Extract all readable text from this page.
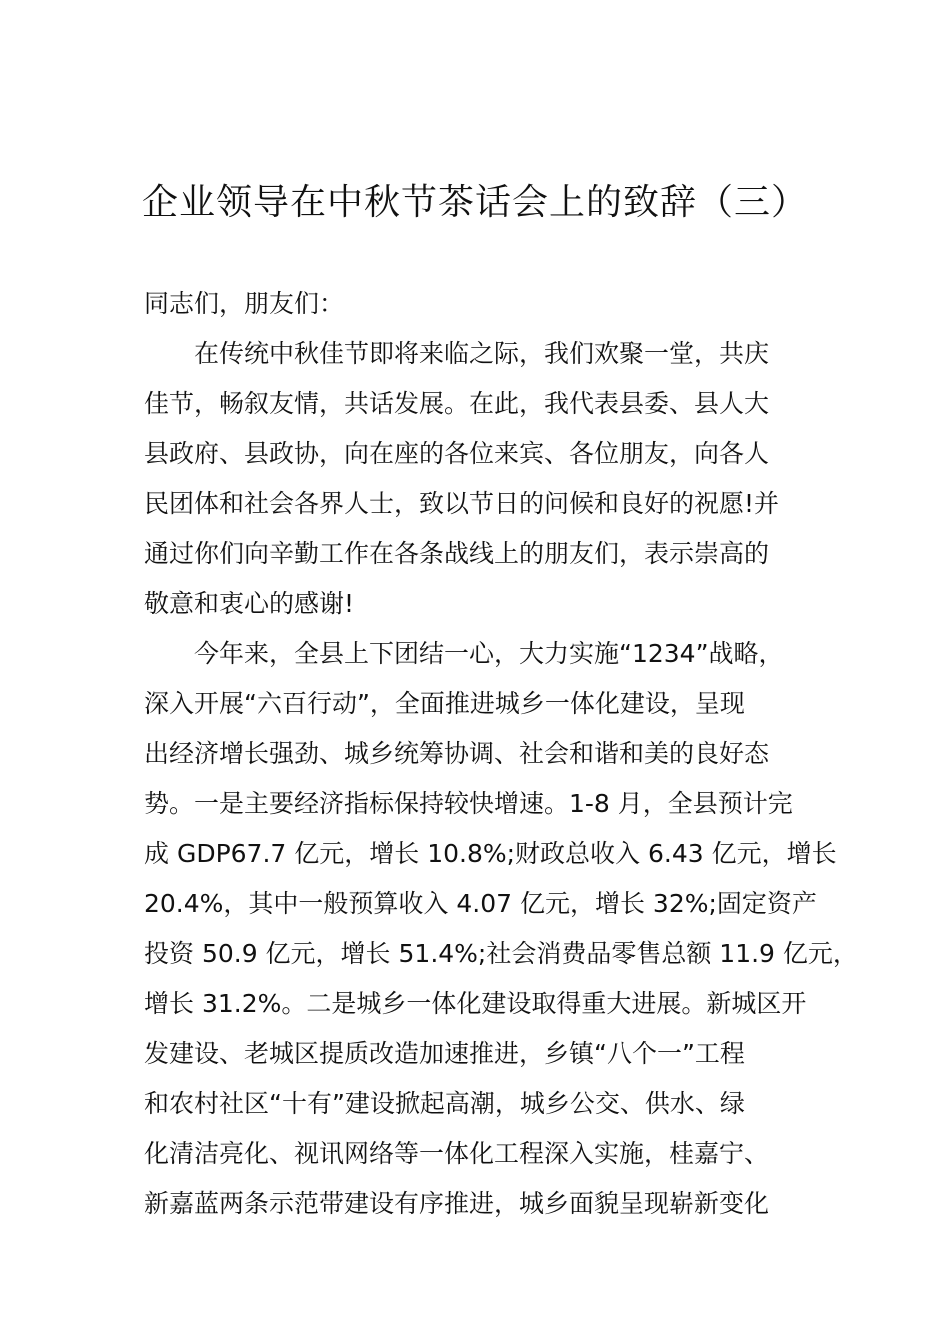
企业领导在中秋节茶话会上的致辞（三）
同志们，朋友们：
在传统中秋佳节即将来临之际，我们欢聚一堂，共庆
佳节，畅叙友情，共话发展。在此，我代表县委、县人大
县政府、县政协，向在座的各位来宾、各位朋友，向各人
民团体和社会各界人士，致以节日的问候和良好的祝愿!并
通过你们向辛勤工作在各条战线上的朋友们，表示崇高的
敬意和衷心的感谢!
今年来，全县上下团结一心，大力实施“1234”战略，
深入开展“六百行动”，全面推进城乡一体化建设，呈现
出经济增长强劲、城乡统筹协调、社会和谐和美的良好态
势。一是主要经济指标保持较快增速。1-8 月，全县预计完
成 GDP67.7 亿元，增长 10.8%;财政总收入 6.43 亿元，增长
20.4%，其中一般预算收入 4.07 亿元，增长 32%;固定资产
投资 50.9 亿元，增长 51.4%;社会消费品零售总额 11.9 亿元，
增长 31.2%。二是城乡一体化建设取得重大进展。新城区开
发建设、老城区提质改造加速推进，乡镇“八个一”工程
和农村社区“十有”建设掀起高潮，城乡公交、供水、绿
化清洁亮化、视讯网络等一体化工程深入实施，桂嘉宁、
新嘉蓝两条示范带建设有序推进，城乡面貌呈现崭新变化
